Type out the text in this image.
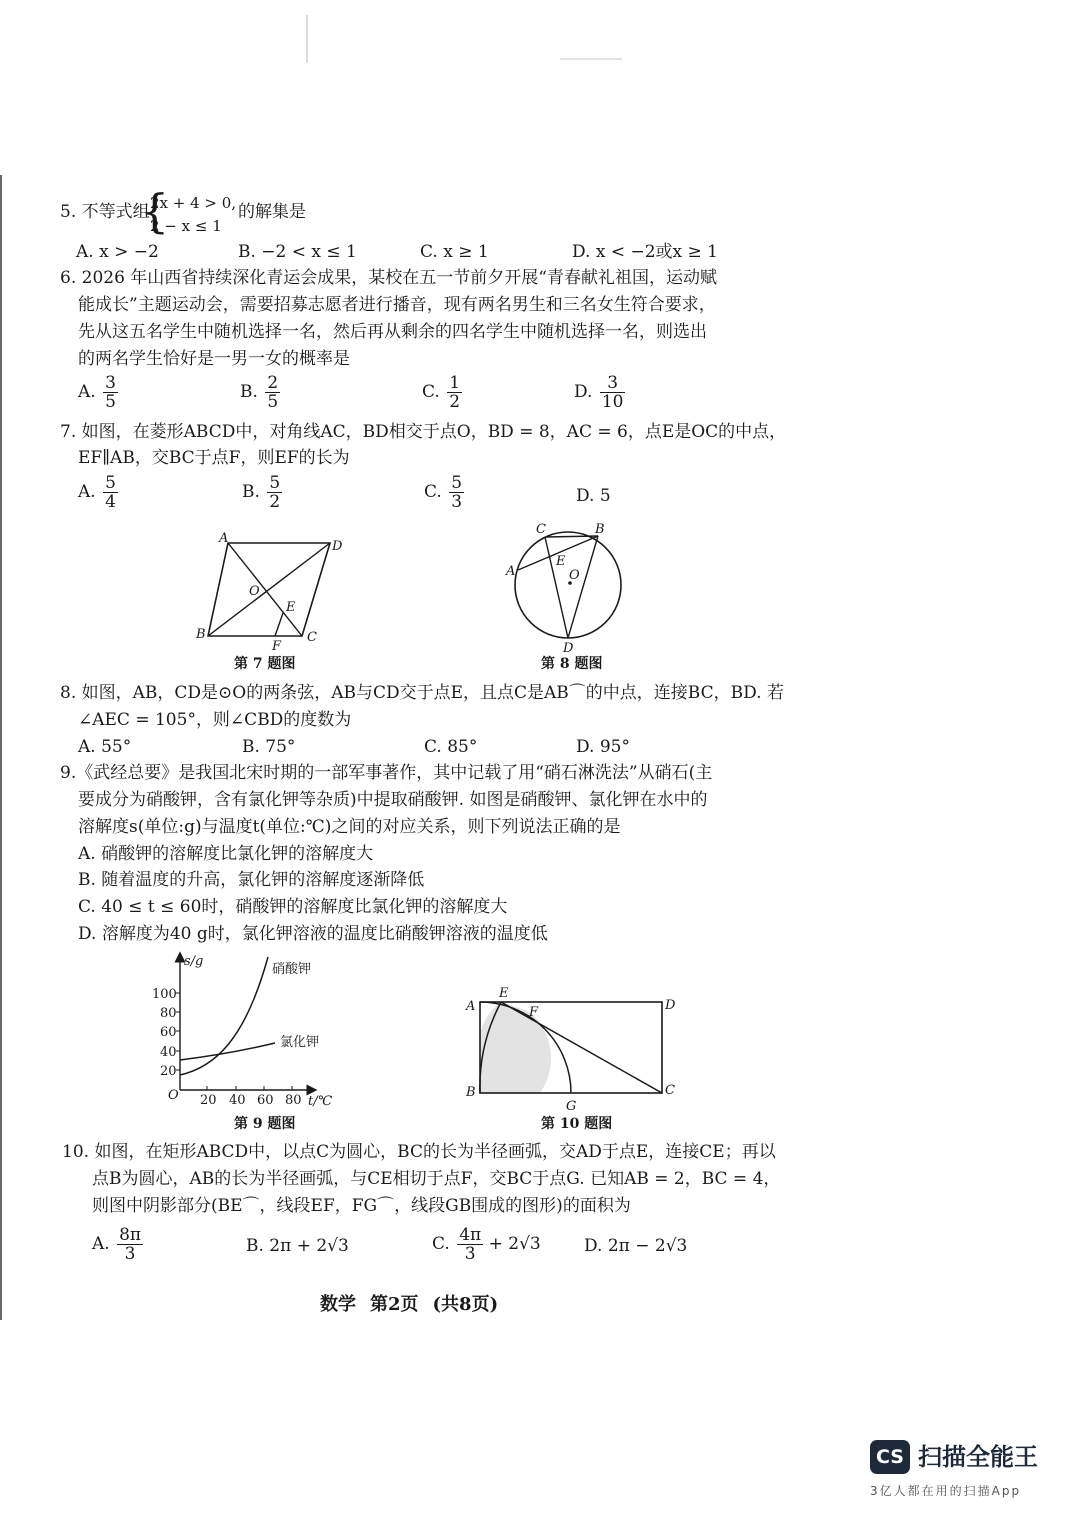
5. 不等式组
{
2x + 4 > 0,
2 − x ≤ 1
的解集是
A. x > −2	B. −2 < x ≤ 1	C. x ≥ 1	D. x < −2或x ≥ 1
6. 2026 年山西省持续深化青运会成果，某校在五一节前夕开展“青春献礼祖国，运动赋
能成长”主题运动会，需要招募志愿者进行播音，现有两名男生和三名女生符合要求，
先从这五名学生中随机选择一名，然后再从剩余的四名学生中随机选择一名，则选出
的两名学生恰好是一男一女的概率是
A. $\frac{3}{5}$	B. $\frac{2}{5}$	C. $\frac{1}{2}$	D. $\frac{3}{10}$
7. 如图，在菱形ABCD中，对角线AC，BD相交于点O，BD = 8，AC = 6，点E是OC的中点，
EF∥AB，交BC于点F，则EF的长为
A. $\frac{5}{4}$	B. $\frac{5}{2}$	C. $\frac{5}{3}$	D. 5
A
D
B	C
O
E
F
第 7 题图
C	B
A
E
O
D
第 8 题图
8. 如图，AB，CD是⊙O的两条弦，AB与CD交于点E，且点C是AB⌒的中点，连接BC，BD. 若
∠AEC = 105°，则∠CBD的度数为
A. 55°	B. 75°	C. 85°	D. 95°
9.《武经总要》是我国北宋时期的一部军事著作，其中记载了用“硝石淋洗法”从硝石(主
要成分为硝酸钾，含有氯化钾等杂质)中提取硝酸钾. 如图是硝酸钾、氯化钾在水中的
溶解度s(单位:g)与温度t(单位:℃)之间的对应关系，则下列说法正确的是
A. 硝酸钾的溶解度比氯化钾的溶解度大
B. 随着温度的升高，氯化钾的溶解度逐渐降低
C. 40 ≤ t ≤ 60时，硝酸钾的溶解度比氯化钾的溶解度大
D. 溶解度为40 g时，氯化钾溶液的温度比硝酸钾溶液的温度低
s/g
t/℃
O
100
80
60
40
20
20 40 60 80
硝酸钾
氯化钾
第 9 题图
A
E
F	D
B	C
G
第 10 题图
10. 如图，在矩形ABCD中，以点C为圆心，BC的长为半径画弧，交AD于点E，连接CE；再以
点B为圆心，AB的长为半径画弧，与CE相切于点F，交BC于点G. 已知AB = 2，BC = 4，
则图中阴影部分(BE⌒，线段EF，FG⌒，线段GB围成的图形)的面积为
A. $\frac{8\pi}{3}$	B. 2π + 2√3	C. $\frac{4\pi}{3} + 2√3$	D. 2π − 2√3
数学 第2页 (共8页)
CS 扫描全能王
3亿人都在用的扫描App
